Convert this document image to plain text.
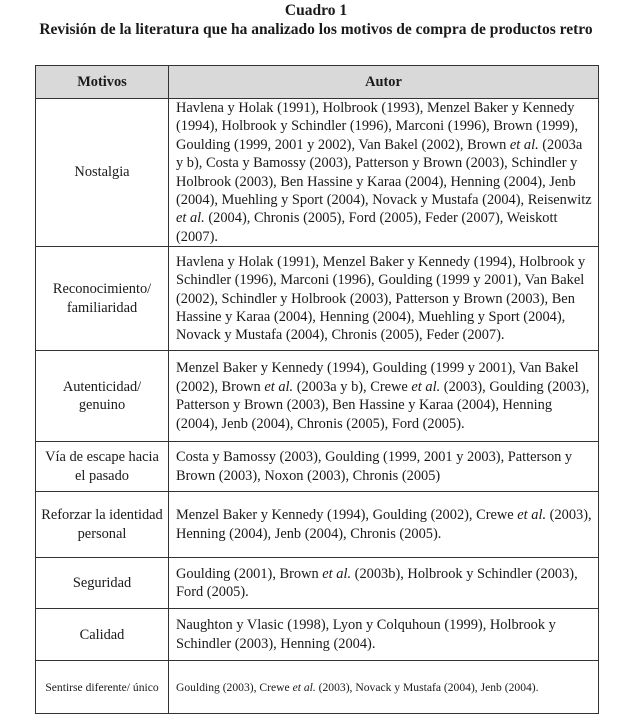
Cuadro 1
Revisión de la literatura que ha analizado los motivos de compra de productos retro
Motivos	Autor
Nostalgia	Havlena y Holak (1991), Holbrook (1993), Menzel Baker y Kennedy (1994), Holbrook y Schindler (1996), Marconi (1996), Brown (1999), Goulding (1999, 2001 y 2002), Van Bakel (2002), Brown et al. (2003a y b), Costa y Bamossy (2003), Patterson y Brown (2003), Schindler y Holbrook (2003), Ben Hassine y Karaa (2004), Henning (2004), Jenb (2004), Muehling y Sport (2004), Novack y Mustafa (2004), Reisenwitz et al. (2004), Chronis (2005), Ford (2005), Feder (2007), Weiskott (2007).
Reconocimiento/ familiaridad	Havlena y Holak (1991), Menzel Baker y Kennedy (1994), Holbrook y Schindler (1996), Marconi (1996), Goulding (1999 y 2001), Van Bakel (2002), Schindler y Holbrook (2003), Patterson y Brown (2003), Ben Hassine y Karaa (2004), Henning (2004), Muehling y Sport (2004), Novack y Mustafa (2004), Chronis (2005), Feder (2007).
Autenticidad/ genuino	Menzel Baker y Kennedy (1994), Goulding (1999 y 2001), Van Bakel (2002), Brown et al. (2003a y b), Crewe et al. (2003), Goulding (2003), Patterson y Brown (2003), Ben Hassine y Karaa (2004), Henning (2004), Jenb (2004), Chronis (2005), Ford (2005).
Vía de escape hacia el pasado	Costa y Bamossy (2003), Goulding (1999, 2001 y 2003), Patterson y Brown (2003), Noxon (2003), Chronis (2005)
Reforzar la identidad personal	Menzel Baker y Kennedy (1994), Goulding (2002), Crewe et al. (2003), Henning (2004), Jenb (2004), Chronis (2005).
Seguridad	Goulding (2001), Brown et al. (2003b), Holbrook y Schindler (2003), Ford (2005).
Calidad	Naughton y Vlasic (1998), Lyon y Colquhoun (1999), Holbrook y Schindler (2003), Henning (2004).
Sentirse diferente/ único	Goulding (2003), Crewe et al. (2003), Novack y Mustafa (2004), Jenb (2004).
